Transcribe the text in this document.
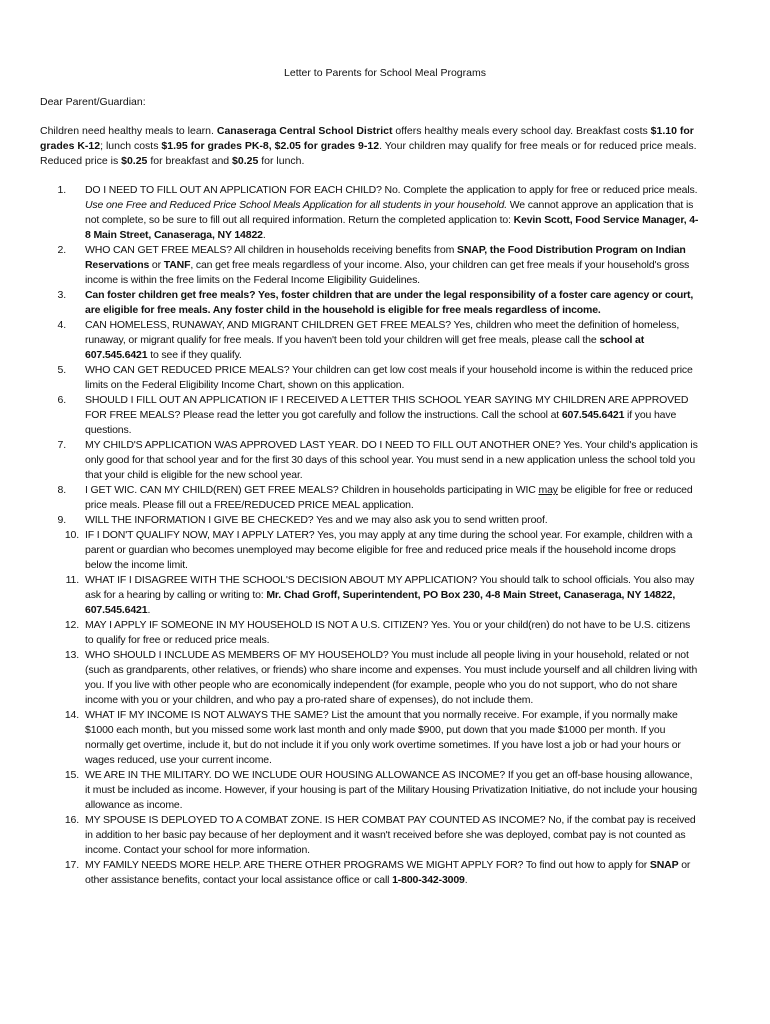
Letter to Parents for School Meal Programs
Dear Parent/Guardian:
Children need healthy meals to learn. Canaseraga Central School District offers healthy meals every school day. Breakfast costs $1.10 for grades K-12; lunch costs $1.95 for grades PK-8, $2.05 for grades 9-12. Your children may qualify for free meals or for reduced price meals. Reduced price is $0.25 for breakfast and $0.25 for lunch.
1.	DO I NEED TO FILL OUT AN APPLICATION FOR EACH CHILD? No. Complete the application to apply for free or reduced price meals. Use one Free and Reduced Price School Meals Application for all students in your household. We cannot approve an application that is not complete, so be sure to fill out all required information. Return the completed application to: Kevin Scott, Food Service Manager, 4-8 Main Street, Canaseraga, NY 14822.
2.	WHO CAN GET FREE MEALS? All children in households receiving benefits from SNAP, the Food Distribution Program on Indian Reservations or TANF, can get free meals regardless of your income. Also, your children can get free meals if your household's gross income is within the free limits on the Federal Income Eligibility Guidelines.
3.	Can foster children get free meals? Yes, foster children that are under the legal responsibility of a foster care agency or court, are eligible for free meals. Any foster child in the household is eligible for free meals regardless of income.
4.	CAN HOMELESS, RUNAWAY, AND MIGRANT CHILDREN GET FREE MEALS? Yes, children who meet the definition of homeless, runaway, or migrant qualify for free meals. If you haven't been told your children will get free meals, please call the school at 607.545.6421 to see if they qualify.
5.	WHO CAN GET REDUCED PRICE MEALS? Your children can get low cost meals if your household income is within the reduced price limits on the Federal Eligibility Income Chart, shown on this application.
6.	SHOULD I FILL OUT AN APPLICATION IF I RECEIVED A LETTER THIS SCHOOL YEAR SAYING MY CHILDREN ARE APPROVED FOR FREE MEALS? Please read the letter you got carefully and follow the instructions. Call the school at 607.545.6421 if you have questions.
7.	MY CHILD'S APPLICATION WAS APPROVED LAST YEAR. DO I NEED TO FILL OUT ANOTHER ONE? Yes. Your child's application is only good for that school year and for the first 30 days of this school year. You must send in a new application unless the school told you that your child is eligible for the new school year.
8.	I GET WIC. CAN MY CHILD(REN) GET FREE MEALS? Children in households participating in WIC may be eligible for free or reduced price meals. Please fill out a FREE/REDUCED PRICE MEAL application.
9.	WILL THE INFORMATION I GIVE BE CHECKED? Yes and we may also ask you to send written proof.
10. IF I DON'T QUALIFY NOW, MAY I APPLY LATER? Yes, you may apply at any time during the school year. For example, children with a parent or guardian who becomes unemployed may become eligible for free and reduced price meals if the household income drops below the income limit.
11. WHAT IF I DISAGREE WITH THE SCHOOL'S DECISION ABOUT MY APPLICATION? You should talk to school officials. You also may ask for a hearing by calling or writing to: Mr. Chad Groff, Superintendent, PO Box 230, 4-8 Main Street, Canaseraga, NY 14822, 607.545.6421.
12. MAY I APPLY IF SOMEONE IN MY HOUSEHOLD IS NOT A U.S. CITIZEN? Yes. You or your child(ren) do not have to be U.S. citizens to qualify for free or reduced price meals.
13. WHO SHOULD I INCLUDE AS MEMBERS OF MY HOUSEHOLD? You must include all people living in your household, related or not (such as grandparents, other relatives, or friends) who share income and expenses. You must include yourself and all children living with you. If you live with other people who are economically independent (for example, people who you do not support, who do not share income with you or your children, and who pay a pro-rated share of expenses), do not include them.
14. WHAT IF MY INCOME IS NOT ALWAYS THE SAME? List the amount that you normally receive. For example, if you normally make $1000 each month, but you missed some work last month and only made $900, put down that you made $1000 per month. If you normally get overtime, include it, but do not include it if you only work overtime sometimes. If you have lost a job or had your hours or wages reduced, use your current income.
15. WE ARE IN THE MILITARY. DO WE INCLUDE OUR HOUSING ALLOWANCE AS INCOME? If you get an off-base housing allowance, it must be included as income. However, if your housing is part of the Military Housing Privatization Initiative, do not include your housing allowance as income.
16. MY SPOUSE IS DEPLOYED TO A COMBAT ZONE. IS HER COMBAT PAY COUNTED AS INCOME? No, if the combat pay is received in addition to her basic pay because of her deployment and it wasn't received before she was deployed, combat pay is not counted as income. Contact your school for more information.
17. MY FAMILY NEEDS MORE HELP. ARE THERE OTHER PROGRAMS WE MIGHT APPLY FOR? To find out how to apply for SNAP or other assistance benefits, contact your local assistance office or call 1-800-342-3009.
